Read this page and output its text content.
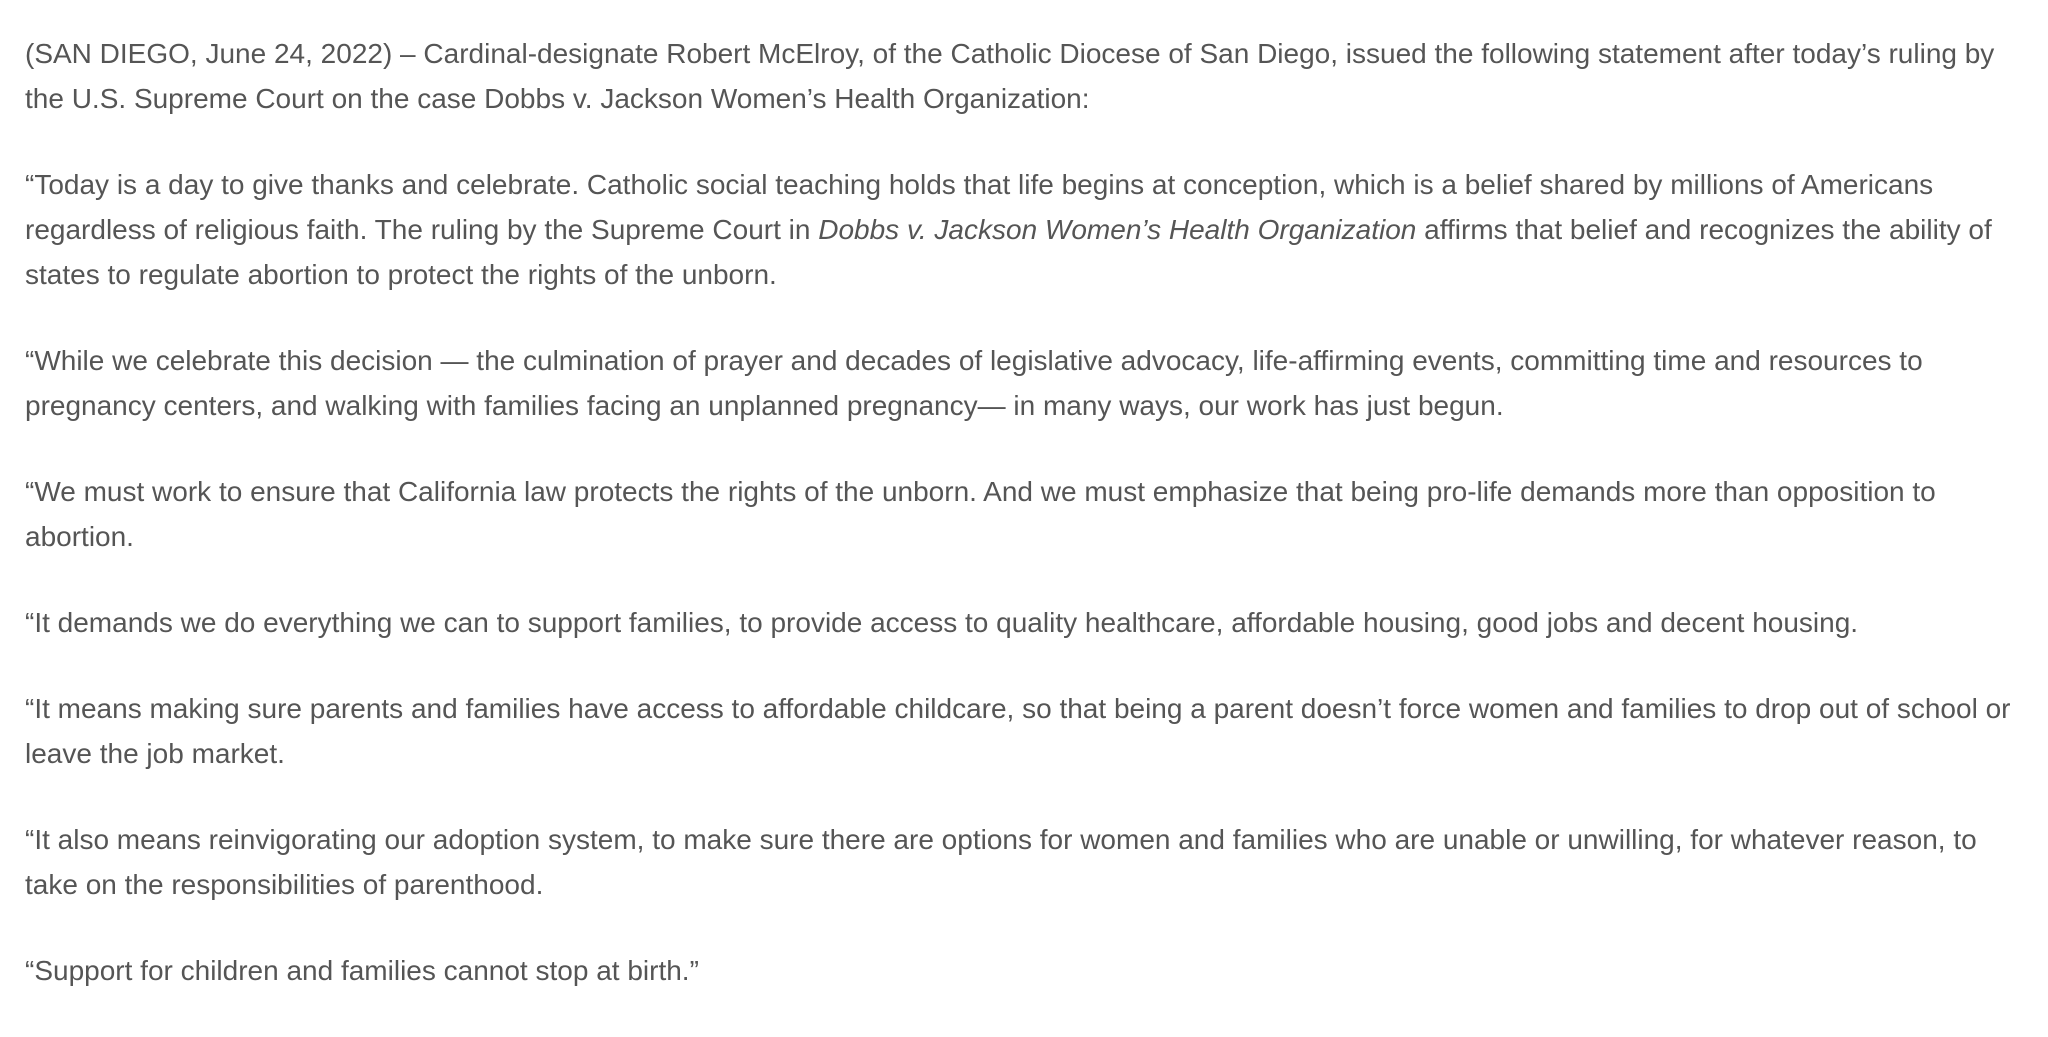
(SAN DIEGO, June 24, 2022) – Cardinal-designate Robert McElroy, of the Catholic Diocese of San Diego, issued the following statement after today’s ruling by the U.S. Supreme Court on the case Dobbs v. Jackson Women’s Health Organization:

“Today is a day to give thanks and celebrate. Catholic social teaching holds that life begins at conception, which is a belief shared by millions of Americans regardless of religious faith. The ruling by the Supreme Court in Dobbs v. Jackson Women’s Health Organization affirms that belief and recognizes the ability of states to regulate abortion to protect the rights of the unborn.

“While we celebrate this decision — the culmination of prayer and decades of legislative advocacy, life-affirming events, committing time and resources to pregnancy centers, and walking with families facing an unplanned pregnancy— in many ways, our work has just begun.

“We must work to ensure that California law protects the rights of the unborn. And we must emphasize that being pro-life demands more than opposition to abortion.

“It demands we do everything we can to support families, to provide access to quality healthcare, affordable housing, good jobs and decent housing.

“It means making sure parents and families have access to affordable childcare, so that being a parent doesn’t force women and families to drop out of school or leave the job market.

“It also means reinvigorating our adoption system, to make sure there are options for women and families who are unable or unwilling, for whatever reason, to take on the responsibilities of parenthood.

“Support for children and families cannot stop at birth.”
